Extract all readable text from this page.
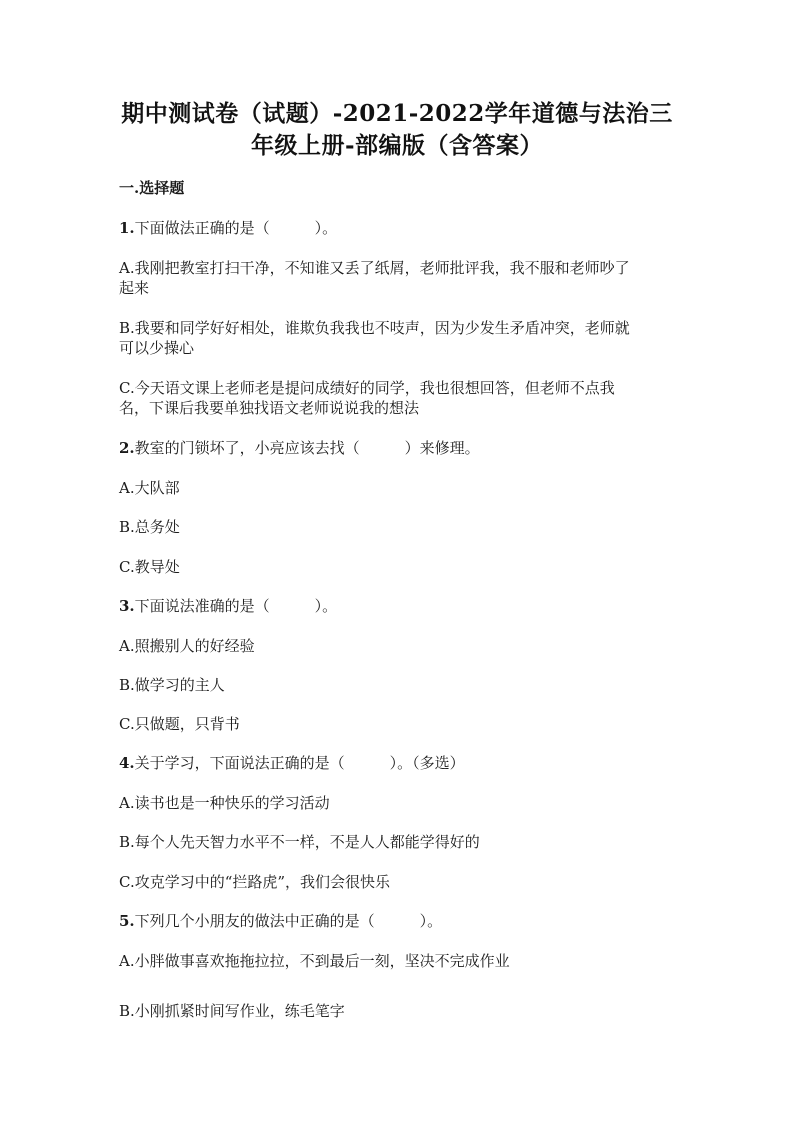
期中测试卷（试题）-2021-2022学年道德与法治三
年级上册-部编版（含答案）
一.选择题
1.下面做法正确的是（　　　）。
A.我刚把教室打扫干净，不知谁又丢了纸屑，老师批评我，我不服和老师吵了
起来
B.我要和同学好好相处，谁欺负我我也不吱声，因为少发生矛盾冲突，老师就
可以少操心
C.今天语文课上老师老是提问成绩好的同学，我也很想回答，但老师不点我
名，下课后我要单独找语文老师说说我的想法
2.教室的门锁坏了，小亮应该去找（　　　）来修理。
A.大队部
B.总务处
C.教导处
3.下面说法准确的是（　　　）。
A.照搬别人的好经验
B.做学习的主人
C.只做题，只背书
4.关于学习，下面说法正确的是（　　　）。（多选）
A.读书也是一种快乐的学习活动
B.每个人先天智力水平不一样，不是人人都能学得好的
C.攻克学习中的“拦路虎”，我们会很快乐
5.下列几个小朋友的做法中正确的是（　　　）。
A.小胖做事喜欢拖拖拉拉，不到最后一刻，坚决不完成作业
B.小刚抓紧时间写作业，练毛笔字
